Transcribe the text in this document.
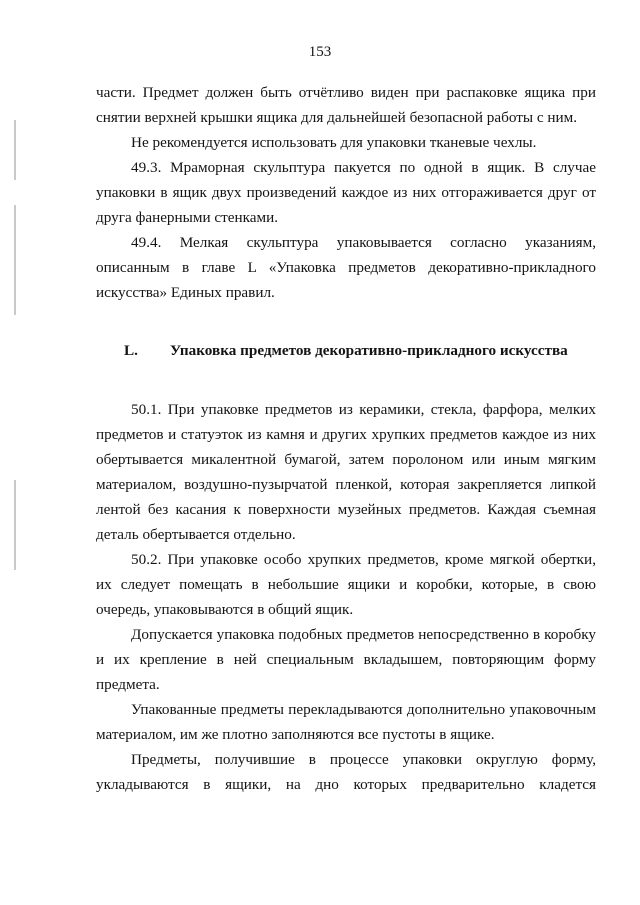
153

части. Предмет должен быть отчётливо виден при распаковке ящика при снятии верхней крышки ящика для дальнейшей безопасной работы с ним.

Не рекомендуется использовать для упаковки тканевые чехлы.

49.3. Мраморная скульптура пакуется по одной в ящик. В случае упаковки в ящик двух произведений каждое из них отгораживается друг от друга фанерными стенками.

49.4. Мелкая скульптура упаковывается согласно указаниям, описанным в главе L «Упаковка предметов декоративно-прикладного искусства» Единых правил.

L. Упаковка предметов декоративно-прикладного искусства

50.1. При упаковке предметов из керамики, стекла, фарфора, мелких предметов и статуэток из камня и других хрупких предметов каждое из них обертывается микалентной бумагой, затем поролоном или иным мягким материалом, воздушно-пузырчатой пленкой, которая закрепляется липкой лентой без касания к поверхности музейных предметов. Каждая съемная деталь обертывается отдельно.

50.2. При упаковке особо хрупких предметов, кроме мягкой обертки, их следует помещать в небольшие ящики и коробки, которые, в свою очередь, упаковываются в общий ящик.

Допускается упаковка подобных предметов непосредственно в коробку и их крепление в ней специальным вкладышем, повторяющим форму предмета.

Упакованные предметы перекладываются дополнительно упаковочным материалом, им же плотно заполняются все пустоты в ящике.

Предметы, получившие в процессе упаковки округлую форму, укладываются в ящики, на дно которых предварительно кладется
